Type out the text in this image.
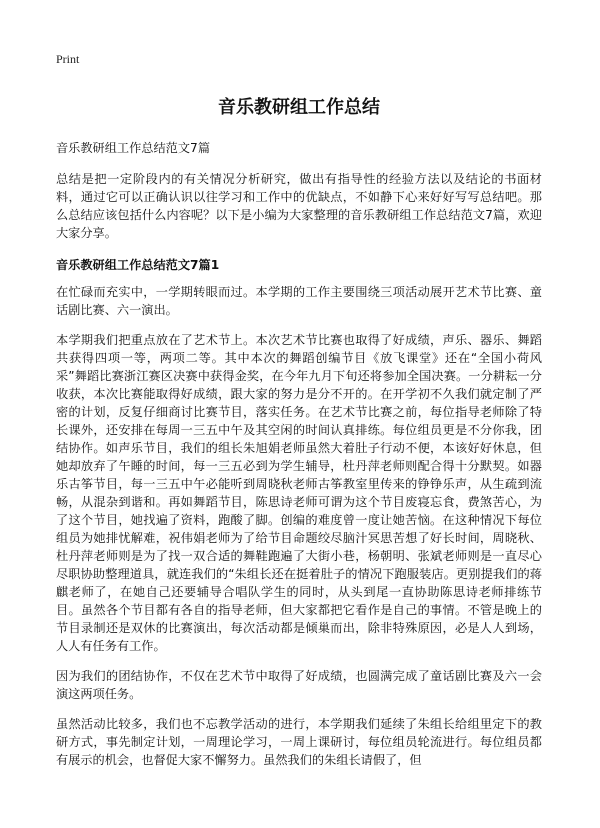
Print
音乐教研组工作总结
音乐教研组工作总结范文7篇

总结是把一定阶段内的有关情况分析研究，做出有指导性的经验方法以及结论的书面材料，通过它可以正确认识以往学习和工作中的优缺点，不如静下心来好好写写总结吧。那么总结应该包括什么内容呢？以下是小编为大家整理的音乐教研组工作总结范文7篇，欢迎大家分享。

音乐教研组工作总结范文7篇1

在忙碌而充实中，一学期转眼而过。本学期的工作主要围绕三项活动展开艺术节比赛、童话剧比赛、六一演出。

本学期我们把重点放在了艺术节上。本次艺术节比赛也取得了好成绩，声乐、器乐、舞蹈共获得四项一等，两项二等。其中本次的舞蹈创编节目《放飞课堂》还在“全国小荷风采”舞蹈比赛浙江赛区决赛中获得金奖，在今年九月下旬还将参加全国决赛。一分耕耘一分收获，本次比赛能取得好成绩，跟大家的努力是分不开的。在开学初不久我们就定制了严密的计划，反复仔细商讨比赛节目，落实任务。在艺术节比赛之前，每位指导老师除了特长课外，还安排在每周一三五中午及其空闲的时间认真排练。每位组员更是不分你我，团结协作。如声乐节目，我们的组长朱旭娟老师虽然大着肚子行动不便，本该好好休息，但她却放弃了午睡的时间，每一三五必到为学生辅导，杜丹萍老师则配合得十分默契。如器乐古筝节目，每一三五中午必能听到周晓秋老师古筝教室里传来的铮铮乐声，从生疏到流畅，从混杂到谐和。再如舞蹈节目，陈思诗老师可谓为这个节目废寝忘食，费煞苦心，为了这个节目，她找遍了资料，跑酸了脚。创编的难度曾一度让她苦恼。在这种情况下每位组员为她排忧解难，祝伟娟老师为了给节目命题绞尽脑汁冥思苦想了好长时间，周晓秋、杜丹萍老师则是为了找一双合适的舞鞋跑遍了大街小巷，杨朝明、张斌老师则是一直尽心尽职协助整理道具，就连我们的“朱组长还在挺着肚子的情况下跑服装店。更别提我们的蒋麒老师了，在她自己还要辅导合唱队学生的同时，从头到尾一直协助陈思诗老师排练节目。虽然各个节目都有各自的指导老师，但大家都把它看作是自己的事情。不管是晚上的节目录制还是双休的比赛演出，每次活动都是倾巢而出，除非特殊原因，必是人人到场，人人有任务有工作。

因为我们的团结协作，不仅在艺术节中取得了好成绩，也圆满完成了童话剧比赛及六一会演这两项任务。

虽然活动比较多，我们也不忘教学活动的进行，本学期我们延续了朱组长给组里定下的教研方式，事先制定计划，一周理论学习，一周上课研讨，每位组员轮流进行。每位组员都有展示的机会，也督促大家不懈努力。虽然我们的朱组长请假了，但
